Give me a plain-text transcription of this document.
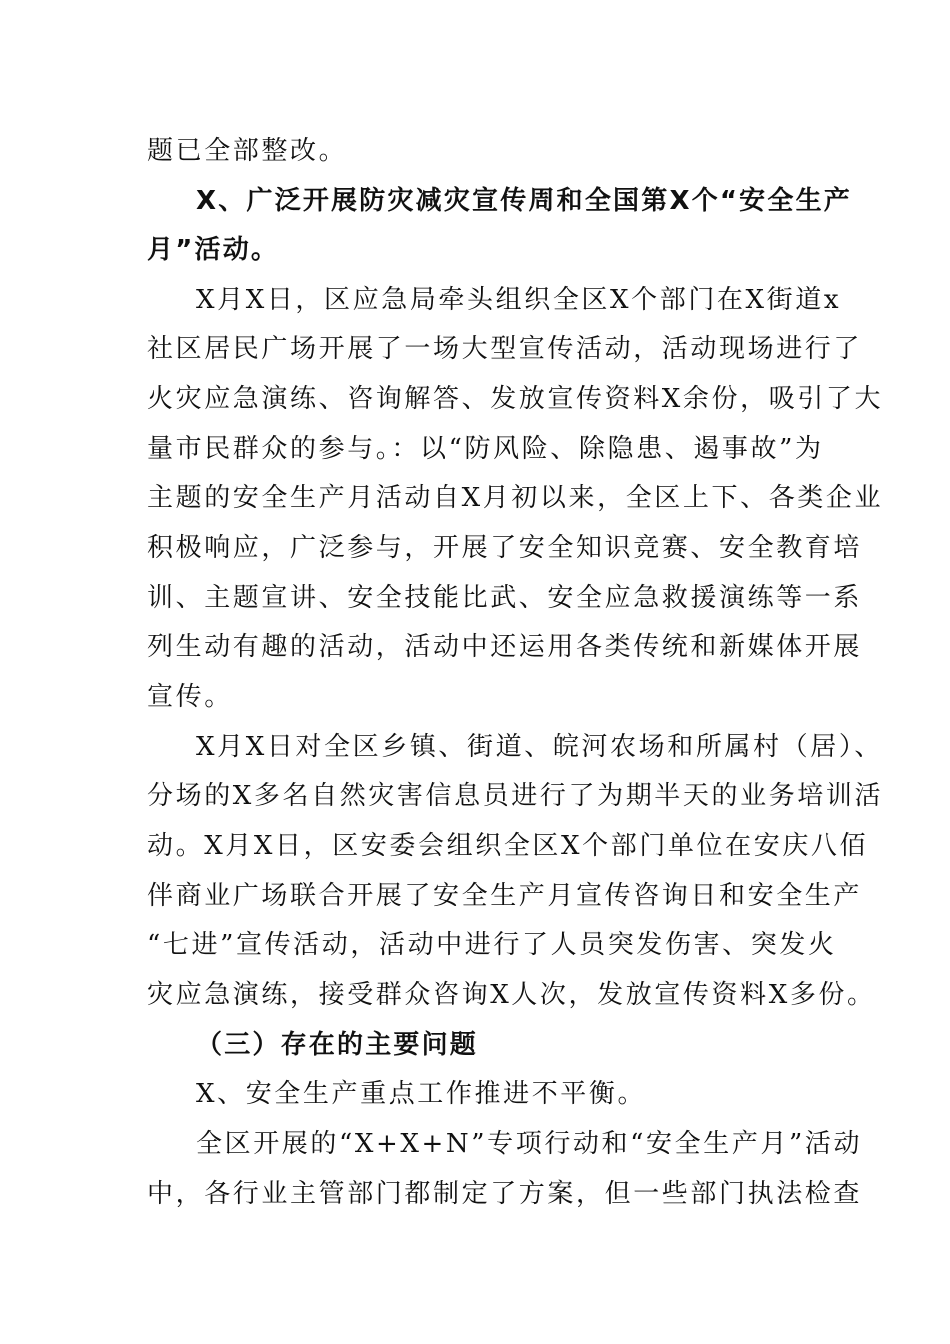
题已全部整改。
X、广泛开展防灾减灾宣传周和全国第X个“安全生产
月”活动。
X月X日，区应急局牵头组织全区X个部门在X街道x
社区居民广场开展了一场大型宣传活动，活动现场进行了
火灾应急演练、咨询解答、发放宣传资料X余份，吸引了大
量市民群众的参与。：以“防风险、除隐患、遏事故”为
主题的安全生产月活动自X月初以来，全区上下、各类企业
积极响应，广泛参与，开展了安全知识竞赛、安全教育培
训、主题宣讲、安全技能比武、安全应急救援演练等一系
列生动有趣的活动，活动中还运用各类传统和新媒体开展
宣传。
X月X日对全区乡镇、街道、皖河农场和所属村（居）、
分场的X多名自然灾害信息员进行了为期半天的业务培训活
动。X月X日，区安委会组织全区X个部门单位在安庆八佰
伴商业广场联合开展了安全生产月宣传咨询日和安全生产
“七进”宣传活动，活动中进行了人员突发伤害、突发火
灾应急演练，接受群众咨询X人次，发放宣传资料X多份。
（三）存在的主要问题
X、安全生产重点工作推进不平衡。
全区开展的“X+X+N”专项行动和“安全生产月”活动
中，各行业主管部门都制定了方案，但一些部门执法检查
